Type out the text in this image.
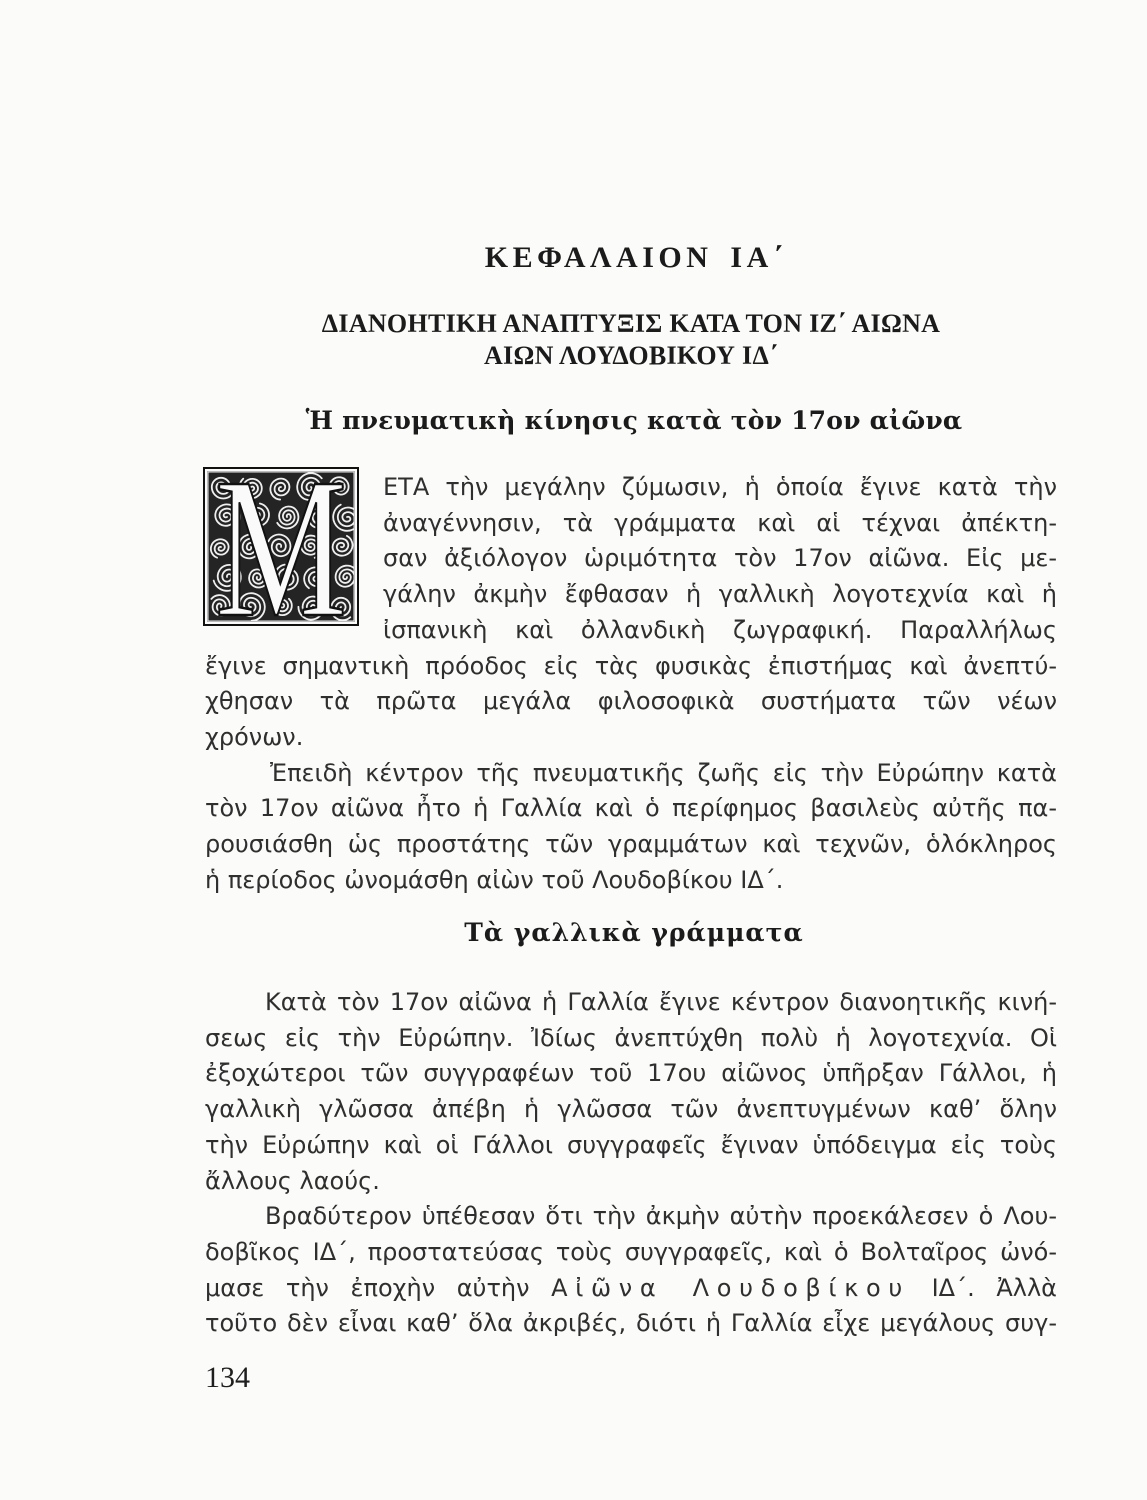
ΚΕΦΑΛΑΙΟΝ ΙΑ΄
ΔΙΑΝΟΗΤΙΚΗ ΑΝΑΠΤΥΞΙΣ ΚΑΤΑ ΤΟΝ ΙΖ΄ ΑΙΩΝΑ
ΑΙΩΝ ΛΟΥΔΟΒΙΚΟΥ ΙΔ΄
Ἡ πνευματικὴ κίνησις κατὰ τὸν 17ον αἰῶνα
Μ ΕΤΑ τὴν μεγάλην ζύμωσιν, ἡ ὁποία ἔγινε κατὰ τὴν
ἀναγέννησιν, τὰ γράμματα καὶ αἱ τέχναι ἀπέκτη-
σαν ἀξιόλογον ὡριμότητα τὸν 17ον αἰῶνα. Εἰς με-
γάλην ἀκμὴν ἔφθασαν ἡ γαλλικὴ λογοτεχνία καὶ ἡ
ἰσπανικὴ καὶ ὀλλανδικὴ ζωγραφική. Παραλλήλως
ἔγινε σημαντικὴ πρόοδος εἰς τὰς φυσικὰς ἐπιστήμας καὶ ἀνεπτύ-
χθησαν τὰ πρῶτα μεγάλα φιλοσοφικὰ συστήματα τῶν νέων
χρόνων.
Ἐπειδὴ κέντρον τῆς πνευματικῆς ζωῆς εἰς τὴν Εὐρώπην κατὰ
τὸν 17ον αἰῶνα ἦτο ἡ Γαλλία καὶ ὁ περίφημος βασιλεὺς αὐτῆς πα-
ρουσιάσθη ὡς προστάτης τῶν γραμμάτων καὶ τεχνῶν, ὁλόκληρος
ἡ περίοδος ὠνομάσθη αἰὼν τοῦ Λουδοβίκου ΙΔ΄.
Τὰ γαλλικὰ γράμματα
Κατὰ τὸν 17ον αἰῶνα ἡ Γαλλία ἔγινε κέντρον διανοητικῆς κινή-
σεως εἰς τὴν Εὐρώπην. Ἰδίως ἀνεπτύχθη πολὺ ἡ λογοτεχνία. Οἱ
ἐξοχώτεροι τῶν συγγραφέων τοῦ 17ου αἰῶνος ὑπῆρξαν Γάλλοι, ἡ
γαλλικὴ γλῶσσα ἀπέβη ἡ γλῶσσα τῶν ἀνεπτυγμένων καθ’ ὅλην
τὴν Εὐρώπην καὶ οἱ Γάλλοι συγγραφεῖς ἔγιναν ὑπόδειγμα εἰς τοὺς
ἄλλους λαούς.
Βραδύτερον ὑπέθεσαν ὅτι τὴν ἀκμὴν αὐτὴν προεκάλεσεν ὁ Λου-
δοβῖκος ΙΔ΄, προστατεύσας τοὺς συγγραφεῖς, καὶ ὁ Βολταῖρος ὠνό-
μασε τὴν ἐποχὴν αὐτὴν Αἰῶνα Λουδοβίκου ΙΔ΄. Ἀλλὰ
τοῦτο δὲν εἶναι καθ’ ὅλα ἀκριβές, διότι ἡ Γαλλία εἶχε μεγάλους συγ-
134
